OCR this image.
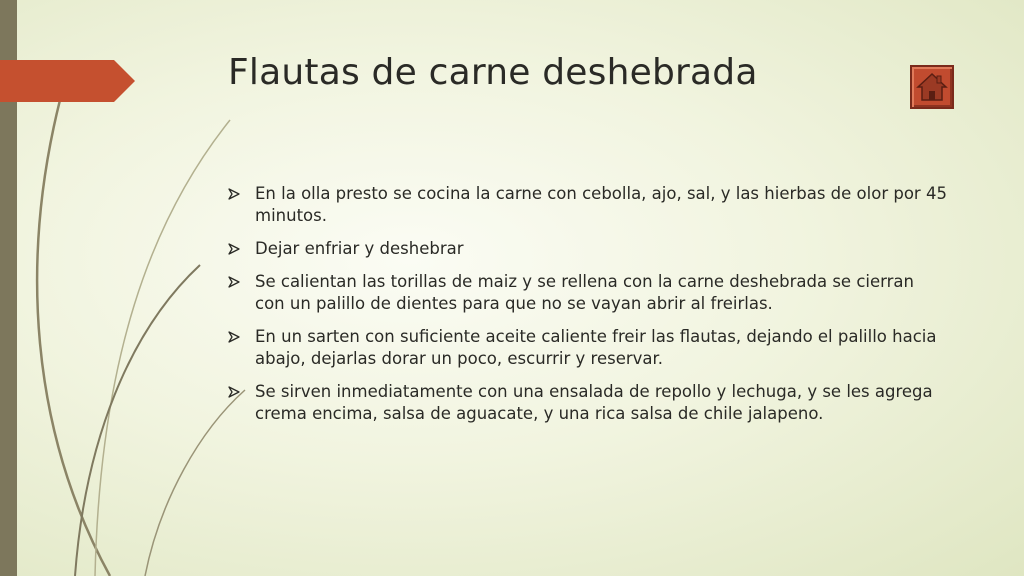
Flautas de carne deshebrada
En la olla presto se cocina la carne con cebolla, ajo, sal, y las hierbas de olor por 45 minutos.
Dejar enfriar y deshebrar
Se calientan las torillas de maiz y se rellena con la carne deshebrada se cierran con un palillo de dientes para que no se vayan abrir al freirlas.
En un sarten con suficiente aceite caliente freir las flautas, dejando el palillo hacia abajo, dejarlas dorar un poco, escurrir y reservar.
Se sirven inmediatamente con una ensalada de repollo y lechuga, y se les agrega crema encima, salsa de aguacate, y una rica salsa de chile jalapeno.
